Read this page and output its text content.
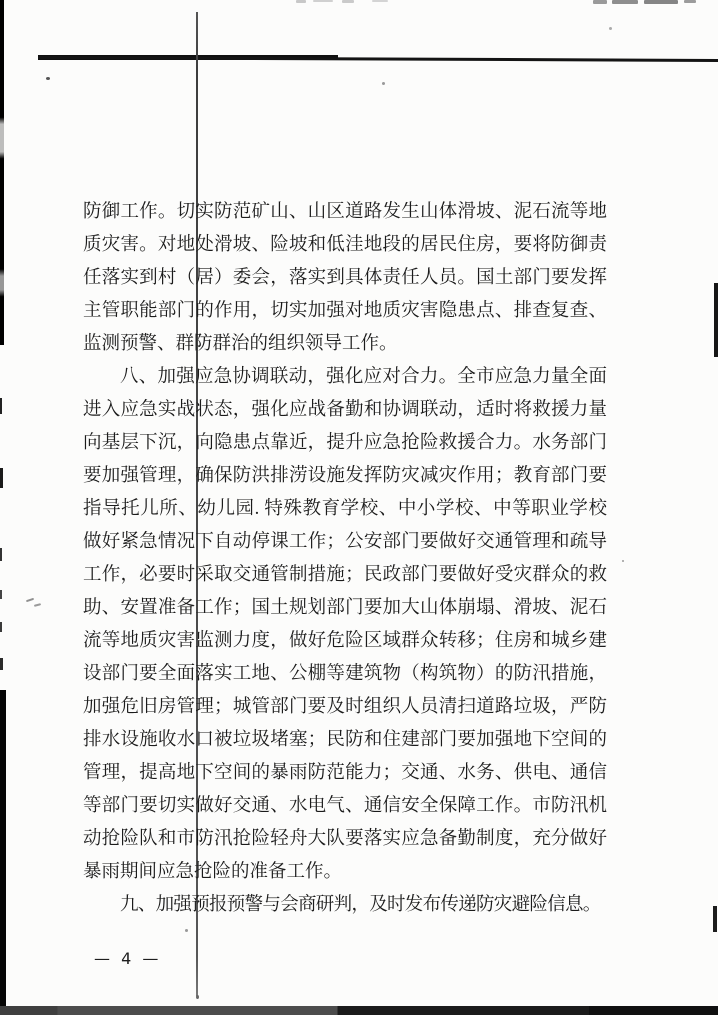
防御工作。切实防范矿山、山区道路发生山体滑坡、泥石流等地
质灾害。对地处滑坡、险坡和低洼地段的居民住房，要将防御责
任落实到村（居）委会，落实到具体责任人员。国土部门要发挥
主管职能部门的作用，切实加强对地质灾害隐患点、排查复查、
监测预警、群防群治的组织领导工作。
八、加强应急协调联动，强化应对合力。全市应急力量全面
进入应急实战状态，强化应战备勤和协调联动，适时将救援力量
向基层下沉，向隐患点靠近，提升应急抢险救援合力。水务部门
要加强管理，确保防洪排涝设施发挥防灾减灾作用；教育部门要
指导托儿所、幼儿园. 特殊教育学校、中小学校、中等职业学校
做好紧急情况下自动停课工作；公安部门要做好交通管理和疏导
工作，必要时采取交通管制措施；民政部门要做好受灾群众的救
助、安置准备工作；国土规划部门要加大山体崩塌、滑坡、泥石
流等地质灾害监测力度，做好危险区域群众转移；住房和城乡建
设部门要全面落实工地、公棚等建筑物（构筑物）的防汛措施，
加强危旧房管理；城管部门要及时组织人员清扫道路垃圾，严防
排水设施收水口被垃圾堵塞；民防和住建部门要加强地下空间的
管理，提高地下空间的暴雨防范能力；交通、水务、供电、通信
等部门要切实做好交通、水电气、通信安全保障工作。市防汛机
动抢险队和市防汛抢险轻舟大队要落实应急备勤制度，充分做好
暴雨期间应急抢险的准备工作。
九、加强预报预警与会商研判，及时发布传递防灾避险信息。
— 4 —
